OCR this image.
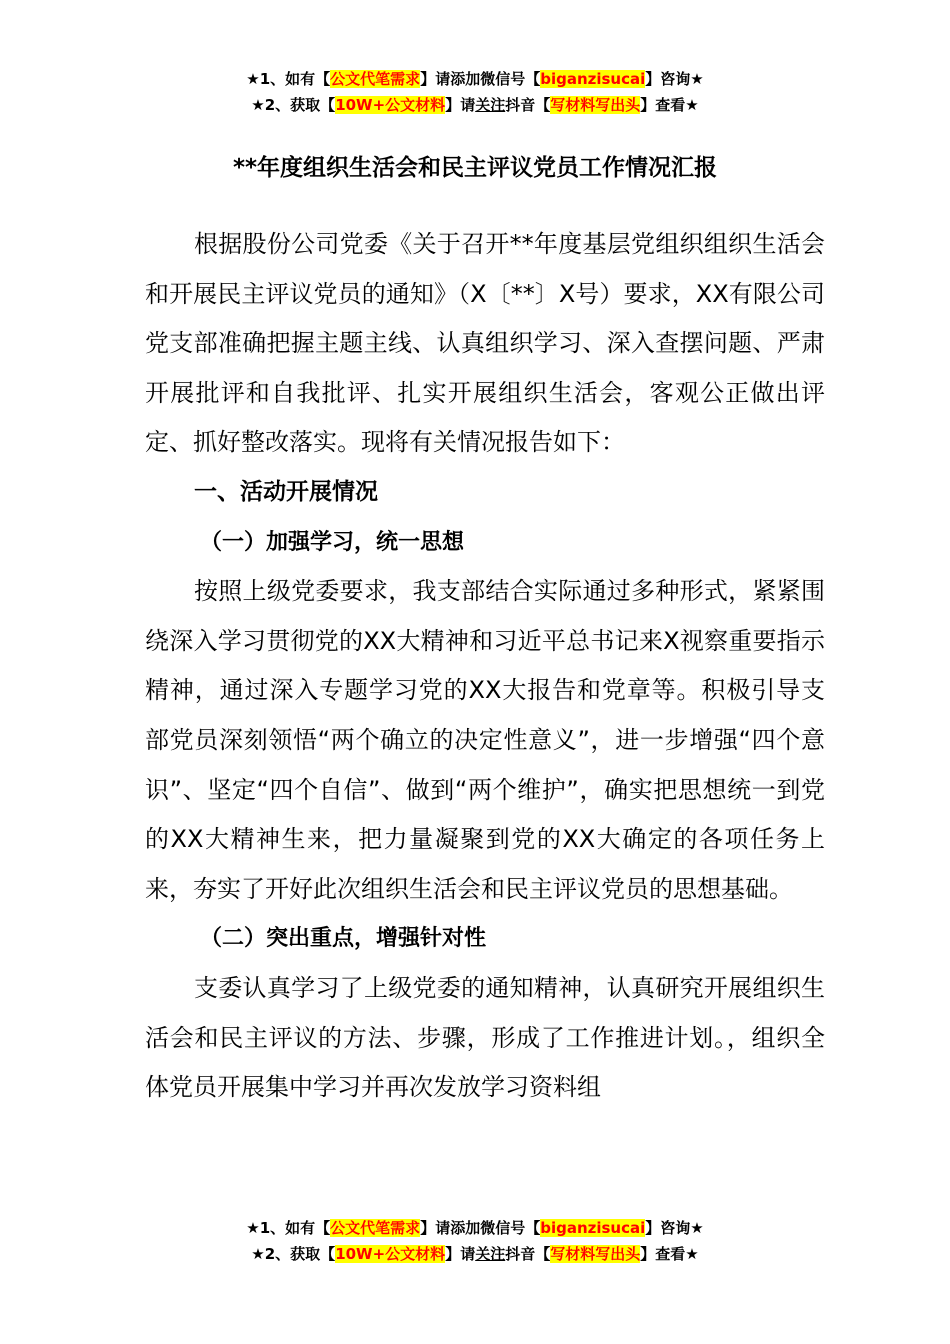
★1、如有【公文代笔需求】请添加微信号【biganzisucai】咨询★
★2、获取【10W+公文材料】请关注抖音【写材料写出头】查看★
**年度组织生活会和民主评议党员工作情况汇报

根据股份公司党委《关于召开**年度基层党组织组织生活会和开展民主评议党员的通知》（X〔**〕X号）要求，XX有限公司党支部准确把握主题主线、认真组织学习、深入查摆问题、严肃开展批评和自我批评、扎实开展组织生活会，客观公正做出评定、抓好整改落实。现将有关情况报告如下：

一、活动开展情况

（一）加强学习，统一思想

按照上级党委要求，我支部结合实际通过多种形式，紧紧围绕深入学习贯彻党的XX大精神和习近平总书记来X视察重要指示精神，通过深入专题学习党的XX大报告和党章等。积极引导支部党员深刻领悟“两个确立的决定性意义”，进一步增强“四个意识”、坚定“四个自信”、做到“两个维护”，确实把思想统一到党的XX大精神生来，把力量凝聚到党的XX大确定的各项任务上来，夯实了开好此次组织生活会和民主评议党员的思想基础。

（二）突出重点，增强针对性

支委认真学习了上级党委的通知精神，认真研究开展组织生活会和民主评议的方法、步骤，形成了工作推进计划。，组织全体党员开展集中学习并再次发放学习资料组

★1、如有【公文代笔需求】请添加微信号【biganzisucai】咨询★
★2、获取【10W+公文材料】请关注抖音【写材料写出头】查看★
